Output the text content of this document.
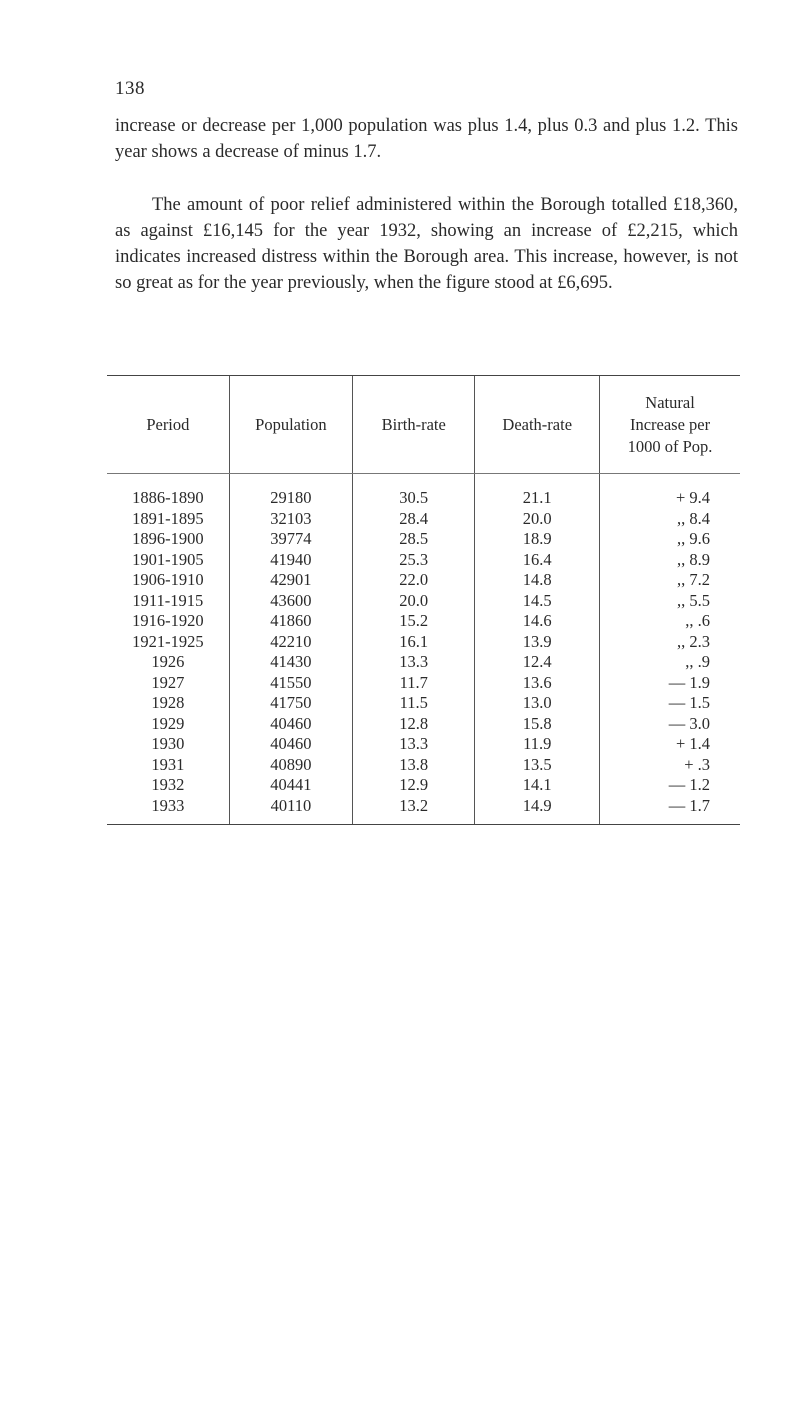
138

increase or decrease per 1,000 population was plus 1.4, plus 0.3 and plus 1.2. This year shows a decrease of minus 1.7.

The amount of poor relief administered within the Borough totalled £18,360, as against £16,145 for the year 1932, showing an increase of £2,215, which indicates increased distress within the Borough area. This increase, however, is not so great as for the year previously, when the figure stood at £6,695.

Period	Population	Birth-rate	Death-rate	Natural
Increase per
1000 of Pop.

1886-1890	29180	30.5	21.1	+ 9.4
1891-1895	32103	28.4	20.0	,, 8.4
1896-1900	39774	28.5	18.9	,, 9.6
1901-1905	41940	25.3	16.4	,, 8.9
1906-1910	42901	22.0	14.8	,, 7.2
1911-1915	43600	20.0	14.5	,, 5.5
1916-1920	41860	15.2	14.6	,, .6
1921-1925	42210	16.1	13.9	,, 2.3
1926	41430	13.3	12.4	,, .9
1927	41550	11.7	13.6	— 1.9
1928	41750	11.5	13.0	— 1.5
1929	40460	12.8	15.8	— 3.0
1930	40460	13.3	11.9	+ 1.4
1931	40890	13.8	13.5	+ .3
1932	40441	12.9	14.1	— 1.2
1933	40110	13.2	14.9	— 1.7
